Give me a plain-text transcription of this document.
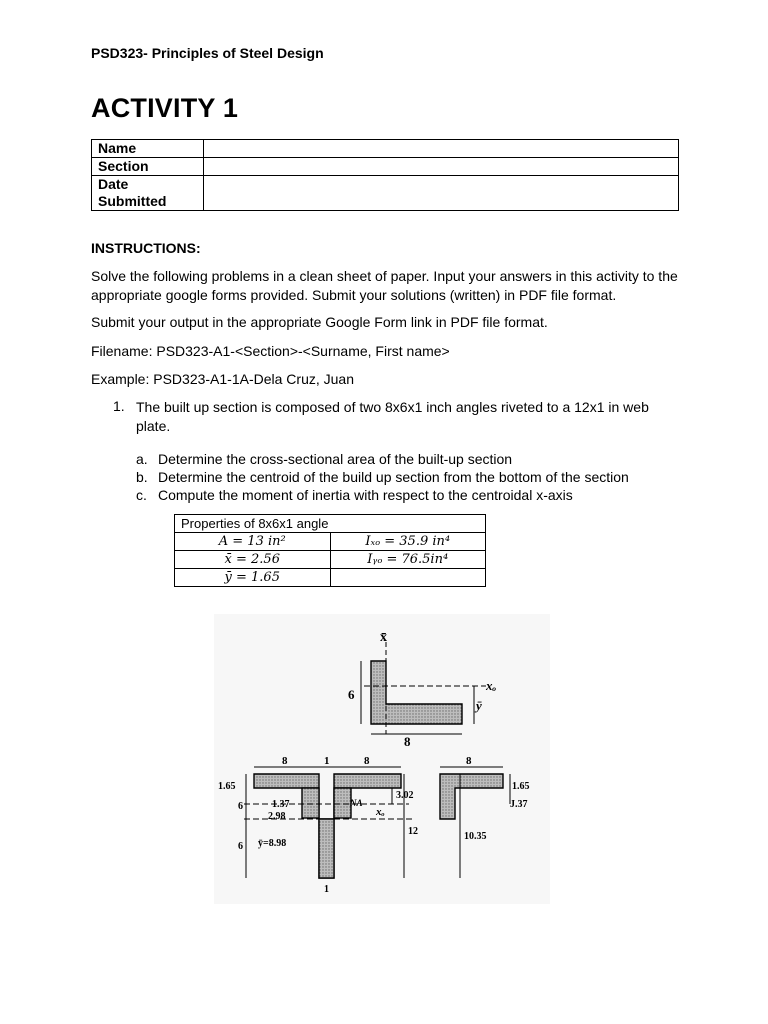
PSD323- Principles of Steel Design
ACTIVITY 1
Name	
Section	
Date Submitted	
INSTRUCTIONS:
Solve the following problems in a clean sheet of paper. Input your answers in this activity to the appropriate google forms provided. Submit your solutions (written) in PDF file format.
Submit your output in the appropriate Google Form link in PDF file format.
Filename: PSD323-A1-<Section>-<Surname, First name>
Example: PSD323-A1-1A-Dela Cruz, Juan
1. The built up section is composed of two 8x6x1 inch angles riveted to a 12x1 in web plate.
a. Determine the cross-sectional area of the built-up section
b. Determine the centroid of the build up section from the bottom of the section
c. Compute the moment of inertia with respect to the centroidal x-axis
Properties of 8x6x1 angle	
A = 13 in²	Iₓₒ = 35.9 in⁴
x̄ = 2.56	Iᵧₒ = 76.5in⁴
ȳ = 1.65	
x̄
xₒ
ȳ
6
8
8	1	8	8
1.65
6	1.37
2.98
NA
xₒ
3.02
12
6 ȳ=8.98
1
1.65
J.37
10.35
